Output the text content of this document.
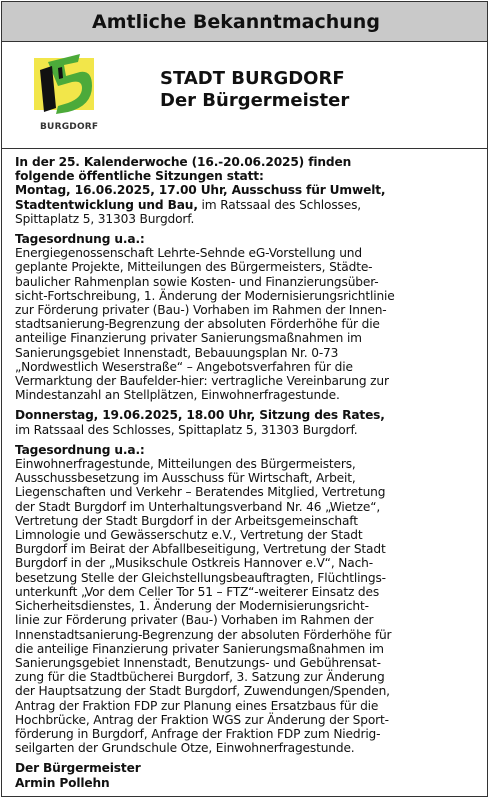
Amtliche Bekanntmachung
BURGDORF
STADT BURGDORF
Der Bürgermeister
In der 25. Kalenderwoche (16.-20.06.2025) finden
folgende öffentliche Sitzungen statt:
Montag, 16.06.2025, 17.00 Uhr, Ausschuss für Umwelt,
Stadtentwicklung und Bau, im Ratssaal des Schlosses,
Spittaplatz 5, 31303 Burgdorf.
Tagesordnung u.a.:
Energiegenossenschaft Lehrte-Sehnde eG-Vorstellung und
geplante Projekte, Mitteilungen des Bürgermeisters, Städte-
baulicher Rahmenplan sowie Kosten- und Finanzierungsüber-
sicht-Fortschreibung, 1. Änderung der Modernisierungsrichtlinie
zur Förderung privater (Bau-) Vorhaben im Rahmen der Innen-
stadtsanierung-Begrenzung der absoluten Förderhöhe für die
anteilige Finanzierung privater Sanierungsmaßnahmen im
Sanierungsgebiet Innenstadt, Bebauungsplan Nr. 0-73
„Nordwestlich Weserstraße“ – Angebotsverfahren für die
Vermarktung der Baufelder-hier: vertragliche Vereinbarung zur
Mindestanzahl an Stellplätzen, Einwohnerfragestunde.
Donnerstag, 19.06.2025, 18.00 Uhr, Sitzung des Rates,
im Ratssaal des Schlosses, Spittaplatz 5, 31303 Burgdorf.
Tagesordnung u.a.:
Einwohnerfragestunde, Mitteilungen des Bürgermeisters,
Ausschussbesetzung im Ausschuss für Wirtschaft, Arbeit,
Liegenschaften und Verkehr – Beratendes Mitglied, Vertretung
der Stadt Burgdorf im Unterhaltungsverband Nr. 46 „Wietze“,
Vertretung der Stadt Burgdorf in der Arbeitsgemeinschaft
Limnologie und Gewässerschutz e.V., Vertretung der Stadt
Burgdorf im Beirat der Abfallbeseitigung, Vertretung der Stadt
Burgdorf in der „Musikschule Ostkreis Hannover e.V“, Nach-
besetzung Stelle der Gleichstellungsbeauftragten, Flüchtlings-
unterkunft „Vor dem Celler Tor 51 – FTZ“-weiterer Einsatz des
Sicherheitsdienstes, 1. Änderung der Modernisierungsricht-
linie zur Förderung privater (Bau-) Vorhaben im Rahmen der
Innenstadtsanierung-Begrenzung der absoluten Förderhöhe für
die anteilige Finanzierung privater Sanierungsmaßnahmen im
Sanierungsgebiet Innenstadt, Benutzungs- und Gebührensat-
zung für die Stadtbücherei Burgdorf, 3. Satzung zur Änderung
der Hauptsatzung der Stadt Burgdorf, Zuwendungen/Spenden,
Antrag der Fraktion FDP zur Planung eines Ersatzbaus für die
Hochbrücke, Antrag der Fraktion WGS zur Änderung der Sport-
förderung in Burgdorf, Anfrage der Fraktion FDP zum Niedrig-
seilgarten der Grundschule Otze, Einwohnerfragestunde.
Der Bürgermeister
Armin Pollehn
